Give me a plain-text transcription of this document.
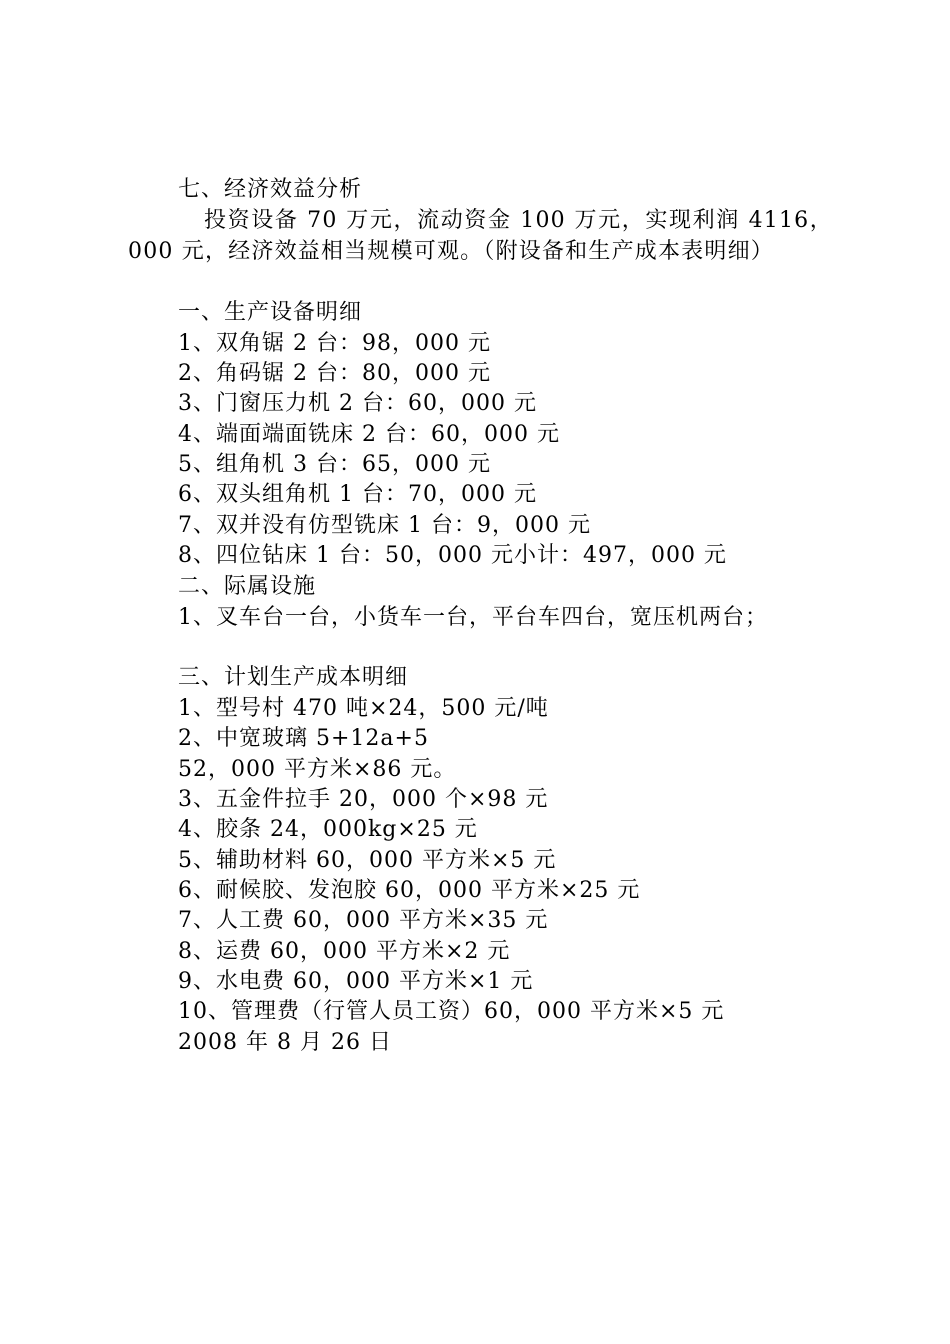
七、经济效益分析
投资设备 70 万元，流动资金 100 万元，实现利润 4116，000 元，经济效益相当规模可观。（附设备和生产成本表明细）
一、生产设备明细
1、双角锯 2 台：98，000 元
2、角码锯 2 台：80，000 元
3、门窗压力机 2 台：60，000 元
4、端面端面铣床 2 台：60，000 元
5、组角机 3 台：65，000 元
6、双头组角机 1 台：70，000 元
7、双并没有仿型铣床 1 台：9，000 元
8、四位钻床 1 台：50，000 元小计：497，000 元
二、际属设施
1、叉车台一台，小货车一台，平台车四台，宽压机两台；
三、计划生产成本明细
1、型号村 470 吨×24，500 元/吨
2、中宽玻璃 5+12a+5
52，000 平方米×86 元。
3、五金件拉手 20，000 个×98 元
4、胶条 24，000kg×25 元
5、辅助材料 60，000 平方米×5 元
6、耐候胶、发泡胶 60，000 平方米×25 元
7、人工费 60，000 平方米×35 元
8、运费 60，000 平方米×2 元
9、水电费 60，000 平方米×1 元
10、管理费（行管人员工资）60，000 平方米×5 元
2008 年 8 月 26 日
